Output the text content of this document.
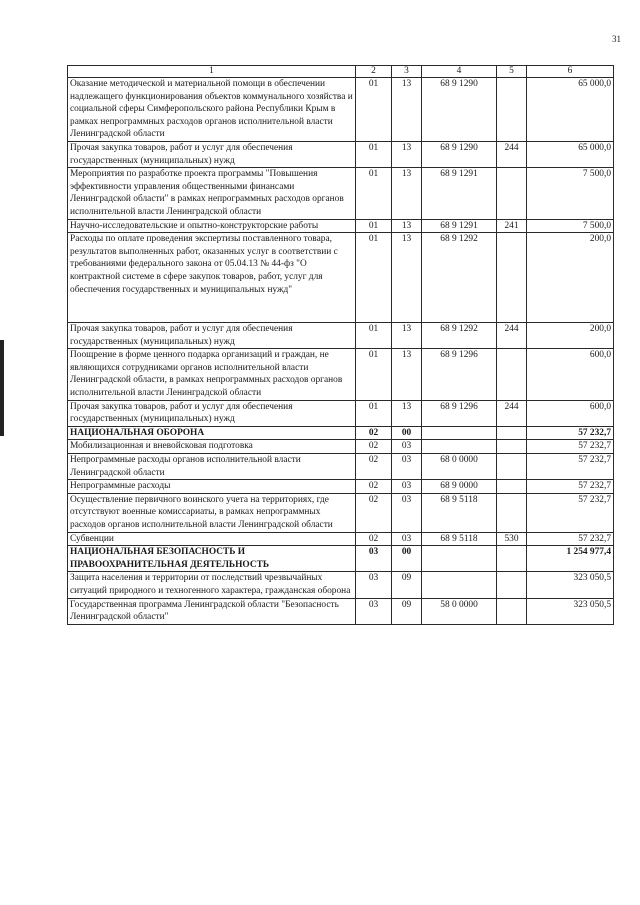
31
1	2	3	4	5	6
Оказание методической и материальной помощи в обеспечении надлежащего функционирования объектов коммунального хозяйства и социальной сферы Симферопольского района Республики Крым в рамках непрограммных расходов органов исполнительной власти Ленинградской области	01	13	68 9 1290		65 000,0
Прочая закупка товаров, работ и услуг для обеспечения государственных (муниципальных) нужд	01	13	68 9 1290	244	65 000,0
Мероприятия по разработке проекта программы "Повышения эффективности управления общественными финансами Ленинградской области" в рамках непрограммных расходов органов исполнительной власти Ленинградской области	01	13	68 9 1291		7 500,0
Научно-исследовательские и опытно-конструкторские работы	01	13	68 9 1291	241	7 500,0
Расходы по оплате проведения экспертизы поставленного товара, результатов выполненных работ, оказанных услуг в соответствии с требованиями федерального закона от 05.04.13 № 44-фз "О контрактной системе в сфере закупок товаров, работ, услуг для обеспечения государственных и муниципальных нужд"	01	13	68 9 1292		200,0
Прочая закупка товаров, работ и услуг для обеспечения государственных (муниципальных) нужд	01	13	68 9 1292	244	200,0
Поощрение в форме ценного подарка организаций и граждан, не являющихся сотрудниками органов исполнительной власти Ленинградской области, в рамках непрограммных расходов органов исполнительной власти Ленинградской области	01	13	68 9 1296		600,0
Прочая закупка товаров, работ и услуг для обеспечения государственных (муниципальных) нужд	01	13	68 9 1296	244	600,0
НАЦИОНАЛЬНАЯ ОБОРОНА	02	00			57 232,7
Мобилизационная и вневойсковая подготовка	02	03			57 232,7
Непрограммные расходы органов исполнительной власти Ленинградской области	02	03	68 0 0000		57 232,7
Непрограммные расходы	02	03	68 9 0000		57 232,7
Осуществление первичного воинского учета на территориях, где отсутствуют военные комиссариаты, в рамках непрограммных расходов органов исполнительной власти Ленинградской области	02	03	68 9 5118		57 232,7
Субвенции	02	03	68 9 5118	530	57 232,7
НАЦИОНАЛЬНАЯ БЕЗОПАСНОСТЬ И ПРАВООХРАНИТЕЛЬНАЯ ДЕЯТЕЛЬНОСТЬ	03	00			1 254 977,4
Защита населения и территории от последствий чрезвычайных ситуаций природного и техногенного характера, гражданская оборона	03	09			323 050,5
Государственная программа Ленинградской области "Безопасность Ленинградской области"	03	09	58 0 0000		323 050,5
